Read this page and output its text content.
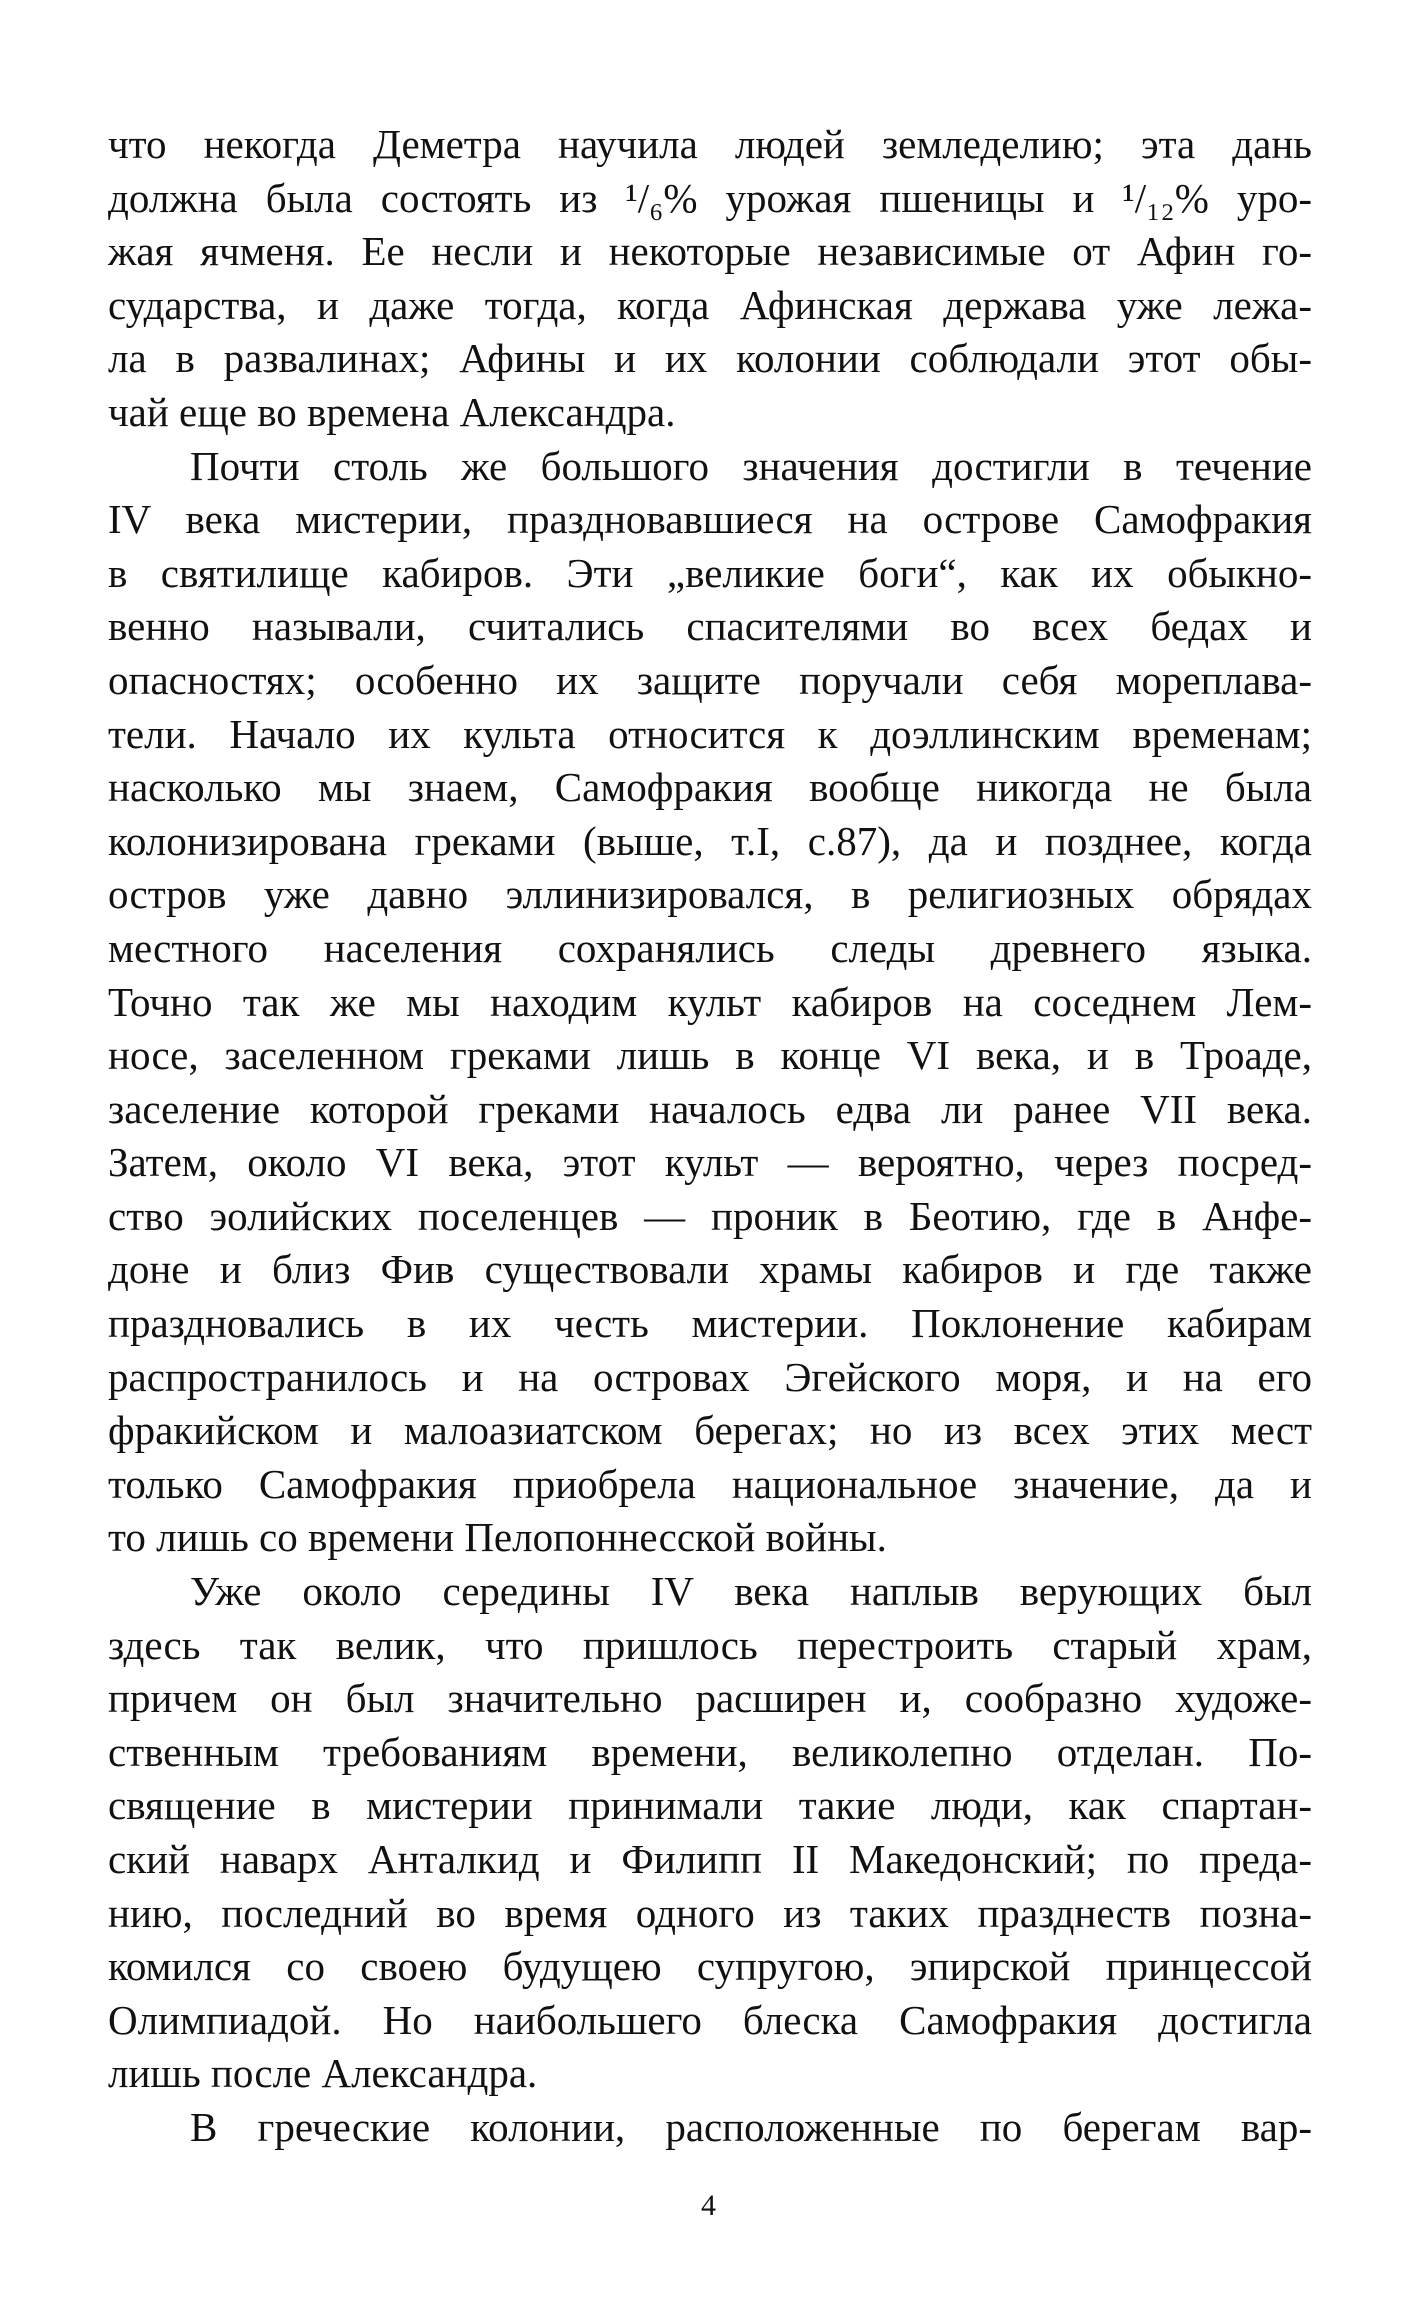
что некогда Деметра научила людей земледелию; эта дань
должна была состоять из ¹/₆% урожая пшеницы и ¹/₁₂% уро-
жая ячменя. Ее несли и некоторые независимые от Афин го-
сударства, и даже тогда, когда Афинская держава уже лежа-
ла в развалинах; Афины и их колонии соблюдали этот обы-
чай еще во времена Александра.
Почти столь же большого значения достигли в течение
IV века мистерии, праздновавшиеся на острове Самофракия
в святилище кабиров. Эти „великие боги“, как их обыкно-
венно называли, считались спасителями во всех бедах и
опасностях; особенно их защите поручали себя мореплава-
тели. Начало их культа относится к доэллинским временам;
насколько мы знаем, Самофракия вообще никогда не была
колонизирована греками (выше, т.I, с.87), да и позднее, когда
остров уже давно эллинизировался, в религиозных обрядах
местного населения сохранялись следы древнего языка.
Точно так же мы находим культ кабиров на соседнем Лем-
носе, заселенном греками лишь в конце VI века, и в Троаде,
заселение которой греками началось едва ли ранее VII века.
Затем, около VI века, этот культ — вероятно, через посред-
ство эолийских поселенцев — проник в Беотию, где в Анфе-
доне и близ Фив существовали храмы кабиров и где также
праздновались в их честь мистерии. Поклонение кабирам
распространилось и на островах Эгейского моря, и на его
фракийском и малоазиатском берегах; но из всех этих мест
только Самофракия приобрела национальное значение, да и
то лишь со времени Пелопоннесской войны.
Уже около середины IV века наплыв верующих был
здесь так велик, что пришлось перестроить старый храм,
причем он был значительно расширен и, сообразно художе-
ственным требованиям времени, великолепно отделан. По-
священие в мистерии принимали такие люди, как спартан-
ский наварх Анталкид и Филипп II Македонский; по преда-
нию, последний во время одного из таких празднеств позна-
комился со своею будущею супругою, эпирской принцессой
Олимпиадой. Но наибольшего блеска Самофракия достигла
лишь после Александра.
В греческие колонии, расположенные по берегам вар-
4
